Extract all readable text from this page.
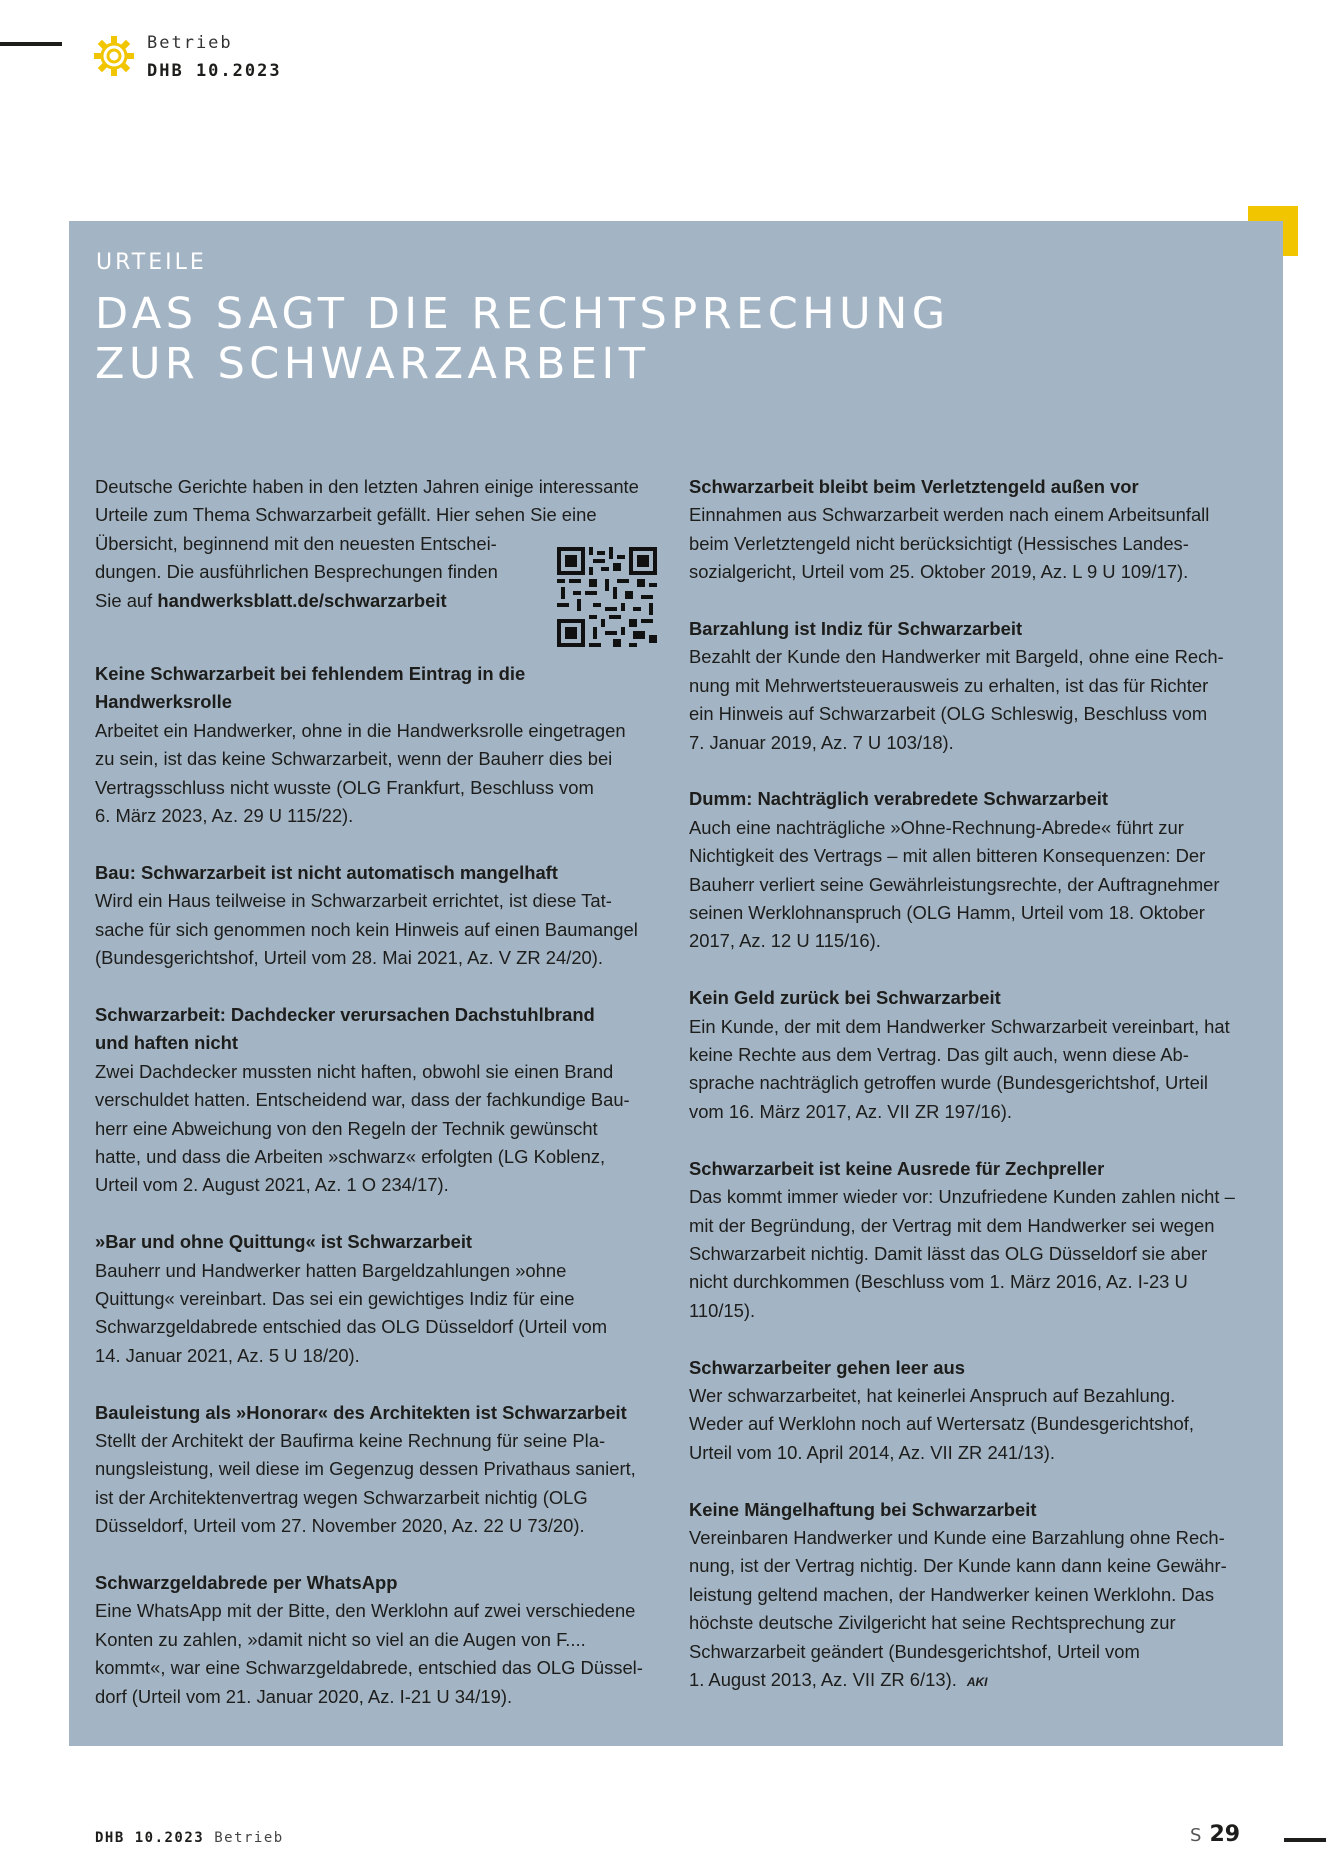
Betrieb
DHB 10.2023
URTEILE
DAS SAGT DIE RECHTSPRECHUNG
ZUR SCHWARZARBEIT

Deutsche Gerichte haben in den letzten Jahren einige interessante
Urteile zum Thema Schwarzarbeit gefällt. Hier sehen Sie eine
Übersicht, beginnend mit den neuesten Entschei-
dungen. Die ausführlichen Besprechungen finden
Sie auf handwerksblatt.de/schwarzarbeit

Keine Schwarzarbeit bei fehlendem Eintrag in die
Handwerksrolle

Arbeitet ein Handwerker, ohne in die Handwerksrolle eingetragen
zu sein, ist das keine Schwarzarbeit, wenn der Bauherr dies bei
Vertragsschluss nicht wusste (OLG Frankfurt, Beschluss vom
6. März 2023, Az. 29 U 115/22).

Bau: Schwarzarbeit ist nicht automatisch mangelhaft

Wird ein Haus teilweise in Schwarzarbeit errichtet, ist diese Tat-
sache für sich genommen noch kein Hinweis auf einen Baumangel
(Bundesgerichtshof, Urteil vom 28. Mai 2021, Az. V ZR 24/20).

Schwarzarbeit: Dachdecker verursachen Dachstuhlbrand
und haften nicht

Zwei Dachdecker mussten nicht haften, obwohl sie einen Brand
verschuldet hatten. Entscheidend war, dass der fachkundige Bau-
herr eine Abweichung von den Regeln der Technik gewünscht
hatte, und dass die Arbeiten »schwarz« erfolgten (LG Koblenz,
Urteil vom 2. August 2021, Az. 1 O 234/17).

»Bar und ohne Quittung« ist Schwarzarbeit

Bauherr und Handwerker hatten Bargeldzahlungen »ohne
Quittung« vereinbart. Das sei ein gewichtiges Indiz für eine
Schwarzgeldabrede entschied das OLG Düsseldorf (Urteil vom
14. Januar 2021, Az. 5 U 18/20).

Bauleistung als »Honorar« des Architekten ist Schwarzarbeit

Stellt der Architekt der Baufirma keine Rechnung für seine Pla-
nungsleistung, weil diese im Gegenzug dessen Privathaus saniert,
ist der Architektenvertrag wegen Schwarzarbeit nichtig (OLG
Düsseldorf, Urteil vom 27. November 2020, Az. 22 U 73/20).

Schwarzgeldabrede per WhatsApp

Eine WhatsApp mit der Bitte, den Werklohn auf zwei verschiedene
Konten zu zahlen, »damit nicht so viel an die Augen von F....
kommt«, war eine Schwarzgeldabrede, entschied das OLG Düssel-
dorf (Urteil vom 21. Januar 2020, Az. I-21 U 34/19).

Schwarzarbeit bleibt beim Verletztengeld außen vor

Einnahmen aus Schwarzarbeit werden nach einem Arbeitsunfall
beim Verletztengeld nicht berücksichtigt (Hessisches Landes-
sozialgericht, Urteil vom 25. Oktober 2019, Az. L 9 U 109/17).

Barzahlung ist Indiz für Schwarzarbeit

Bezahlt der Kunde den Handwerker mit Bargeld, ohne eine Rech-
nung mit Mehrwertsteuerausweis zu erhalten, ist das für Richter
ein Hinweis auf Schwarzarbeit (OLG Schleswig, Beschluss vom
7. Januar 2019, Az. 7 U 103/18).

Dumm: Nachträglich verabredete Schwarzarbeit

Auch eine nachträgliche »Ohne-Rechnung-Abrede« führt zur
Nichtigkeit des Vertrags – mit allen bitteren Konsequenzen: Der
Bauherr verliert seine Gewährleistungsrechte, der Auftragnehmer
seinen Werklohnanspruch (OLG Hamm, Urteil vom 18. Oktober
2017, Az. 12 U 115/16).

Kein Geld zurück bei Schwarzarbeit

Ein Kunde, der mit dem Handwerker Schwarzarbeit vereinbart, hat
keine Rechte aus dem Vertrag. Das gilt auch, wenn diese Ab-
sprache nachträglich getroffen wurde (Bundesgerichtshof, Urteil
vom 16. März 2017, Az. VII ZR 197/16).

Schwarzarbeit ist keine Ausrede für Zechpreller

Das kommt immer wieder vor: Unzufriedene Kunden zahlen nicht –
mit der Begründung, der Vertrag mit dem Handwerker sei wegen
Schwarzarbeit nichtig. Damit lässt das OLG Düsseldorf sie aber
nicht durchkommen (Beschluss vom 1. März 2016, Az. I-23 U
110/15).

Schwarzarbeiter gehen leer aus

Wer schwarzarbeitet, hat keinerlei Anspruch auf Bezahlung.
Weder auf Werklohn noch auf Wertersatz (Bundesgerichtshof,
Urteil vom 10. April 2014, Az. VII ZR 241/13).

Keine Mängelhaftung bei Schwarzarbeit

Vereinbaren Handwerker und Kunde eine Barzahlung ohne Rech-
nung, ist der Vertrag nichtig. Der Kunde kann dann keine Gewähr-
leistung geltend machen, der Handwerker keinen Werklohn. Das
höchste deutsche Zivilgericht hat seine Rechtsprechung zur
Schwarzarbeit geändert (Bundesgerichtshof, Urteil vom
1. August 2013, Az. VII ZR 6/13). AKI

DHB 10.2023 Betrieb	S 29
